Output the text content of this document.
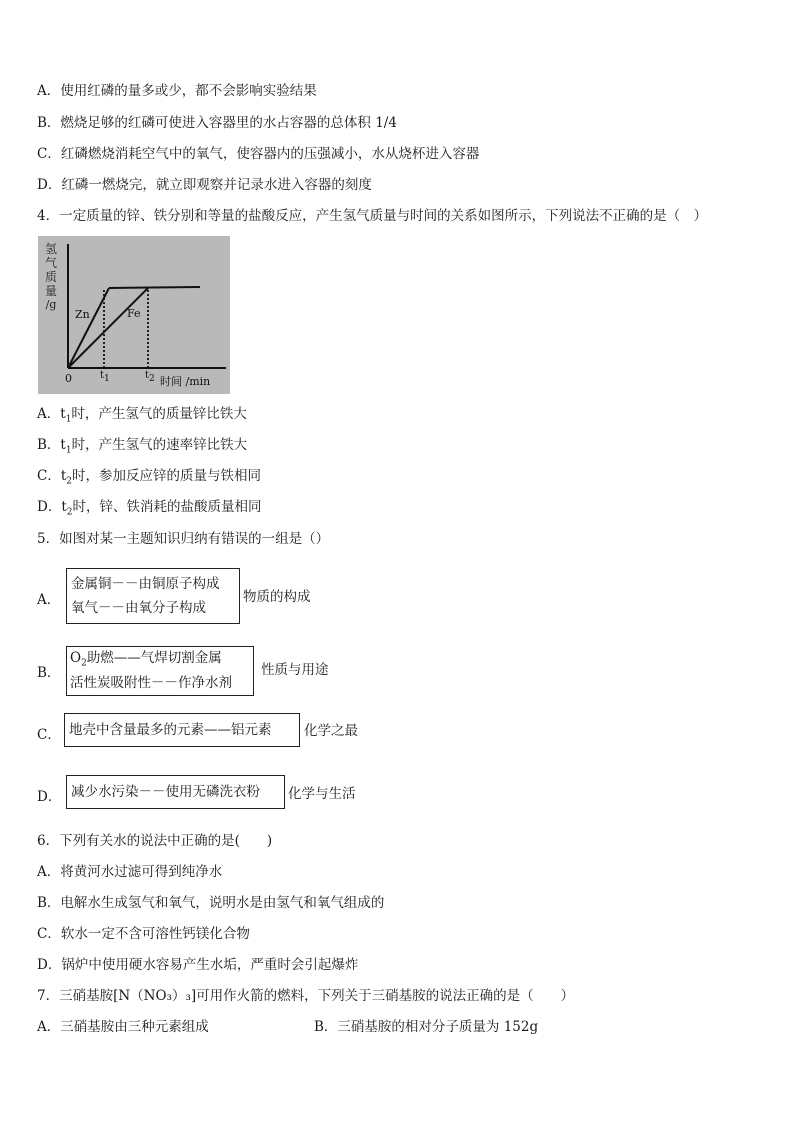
A．使用红磷的量多或少，都不会影响实验结果
B．燃烧足够的红磷可使进入容器里的水占容器的总体积 1/4
C．红磷燃烧消耗空气中的氧气，使容器内的压强减小，水从烧杯进入容器
D．红磷一燃烧完，就立即观察并记录水进入容器的刻度
4．一定质量的锌、铁分别和等量的盐酸反应，产生氢气质量与时间的关系如图所示，下列说法不正确的是（　）
氢
气
质
量
/g
Zn	Fe
0	$t_1$	$t_2$ 时间 /min
A．$t_1$时，产生氢气的质量锌比铁大
B．$t_1$时，产生氢气的速率锌比铁大
C．$t_2$时，参加反应锌的质量与铁相同
D．$t_2$时，锌、铁消耗的盐酸质量相同
5．如图对某一主题知识归纳有错误的一组是（）
A．
金属铜－－由铜原子构成
氧气－－由氧分子构成
物质的构成
B．
$O_2$助燃——气焊切割金属
活性炭吸附性－－作净水剂
性质与用途
C． 地壳中含量最多的元素——铝元素	化学之最
D． 减少水污染－－使用无磷洗衣粉	化学与生活
6．下列有关水的说法中正确的是(　　)
A．将黄河水过滤可得到纯净水
B．电解水生成氢气和氧气，说明水是由氢气和氧气组成的
C．软水一定不含可溶性钙镁化合物
D．锅炉中使用硬水容易产生水垢，严重时会引起爆炸
7．三硝基胺[N（NO₃）₃]可用作火箭的燃料，下列关于三硝基胺的说法正确的是（　　）
A．三硝基胺由三种元素组成	B．三硝基胺的相对分子质量为 152g
